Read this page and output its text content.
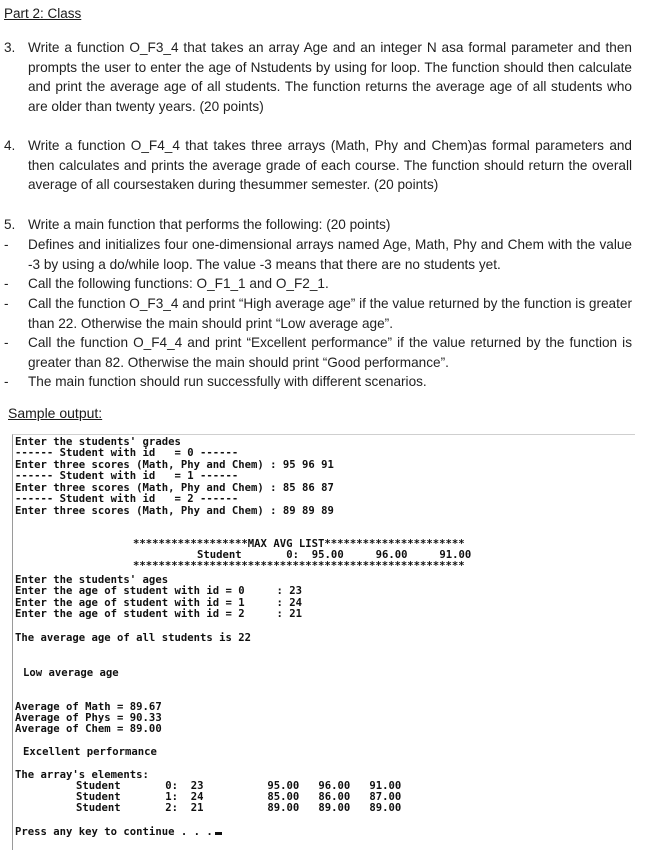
Part 2: Class
3. Write a function O_F3_4 that takes an array Age and an integer N asa formal parameter and then prompts the user to enter the age of Nstudents by using for loop. The function should then calculate and print the average age of all students. The function returns the average age of all students who are older than twenty years. (20 points)
4. Write a function O_F4_4 that takes three arrays (Math, Phy and Chem)as formal parameters and then calculates and prints the average grade of each course. The function should return the overall average of all coursestaken during thesummer semester. (20 points)
5. Write a main function that performs the following: (20 points)
- Defines and initializes four one-dimensional arrays named Age, Math, Phy and Chem with the value -3 by using a do/while loop. The value -3 means that there are no students yet.
- Call the following functions: O_F1_1 and O_F2_1.
- Call the function O_F3_4 and print “High average age” if the value returned by the function is greater than 22. Otherwise the main should print “Low average age”.
- Call the function O_F4_4 and print “Excellent performance” if the value returned by the function is greater than 82. Otherwise the main should print “Good performance”.
- The main function should run successfully with different scenarios.
Sample output:
Enter the students' grades
------ Student with id   = 0 ------
Enter three scores (Math, Phy and Chem) : 95 96 91
------ Student with id   = 1 ------
Enter three scores (Math, Phy and Chem) : 85 86 87
------ Student with id   = 2 ------
Enter three scores (Math, Phy and Chem) : 89 89 89
******************MAX AVG LIST**********************
Student       0:  95.00     96.00     91.00
****************************************************
Enter the students' ages
Enter the age of student with id = 0     : 23
Enter the age of student with id = 1     : 24
Enter the age of student with id = 2     : 21
The average age of all students is 22
Low average age
Average of Math = 89.67
Average of Phys = 90.33
Average of Chem = 89.00
Excellent performance
The array's elements:
Student       0:  23          95.00   96.00   91.00
Student       1:  24          85.00   86.00   87.00
Student       2:  21          89.00   89.00   89.00
Press any key to continue . . .
